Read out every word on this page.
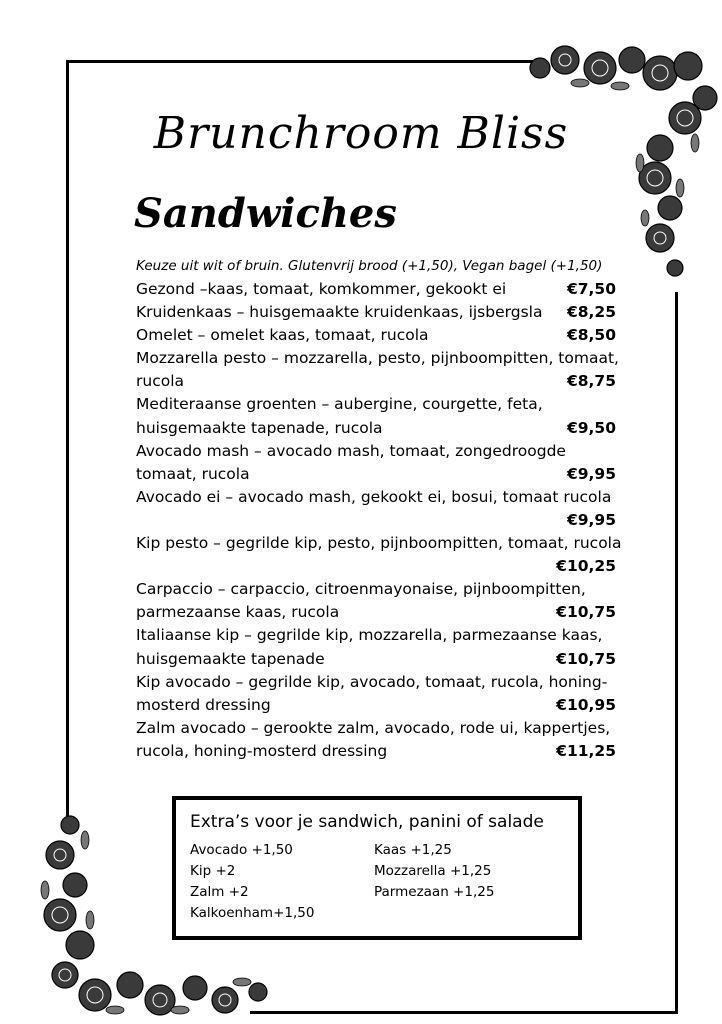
Brunchroom Bliss
Sandwiches
Keuze uit wit of bruin. Glutenvrij brood (+1,50), Vegan bagel (+1,50)
Gezond –kaas, tomaat, komkommer, gekookt ei	€7,50
Kruidenkaas – huisgemaakte kruidenkaas, ijsbergsla €8,25
Omelet – omelet kaas, tomaat, rucola	€8,50
Mozzarella pesto – mozzarella, pesto, pijnboompitten, tomaat,
rucola	€8,75
Mediteraanse groenten – aubergine, courgette, feta,
huisgemaakte tapenade, rucola	€9,50
Avocado mash – avocado mash, tomaat, zongedroogde
tomaat, rucola	€9,95
Avocado ei – avocado mash, gekookt ei, bosui, tomaat rucola
€9,95
Kip pesto – gegrilde kip, pesto, pijnboompitten, tomaat, rucola
€10,25
Carpaccio – carpaccio, citroenmayonaise, pijnboompitten,
parmezaanse kaas, rucola	€10,75
Italiaanse kip – gegrilde kip, mozzarella, parmezaanse kaas,
huisgemaakte tapenade	€10,75
Kip avocado – gegrilde kip, avocado, tomaat, rucola, honing-
mosterd dressing	€10,95
Zalm avocado – gerookte zalm, avocado, rode ui, kappertjes,
rucola, honing-mosterd dressing	€11,25
Extra’s voor je sandwich, panini of salade
Avocado +1,50
Kip +2
Zalm +2
Kalkoenham+1,50
Kaas +1,25
Mozzarella +1,25
Parmezaan +1,25
